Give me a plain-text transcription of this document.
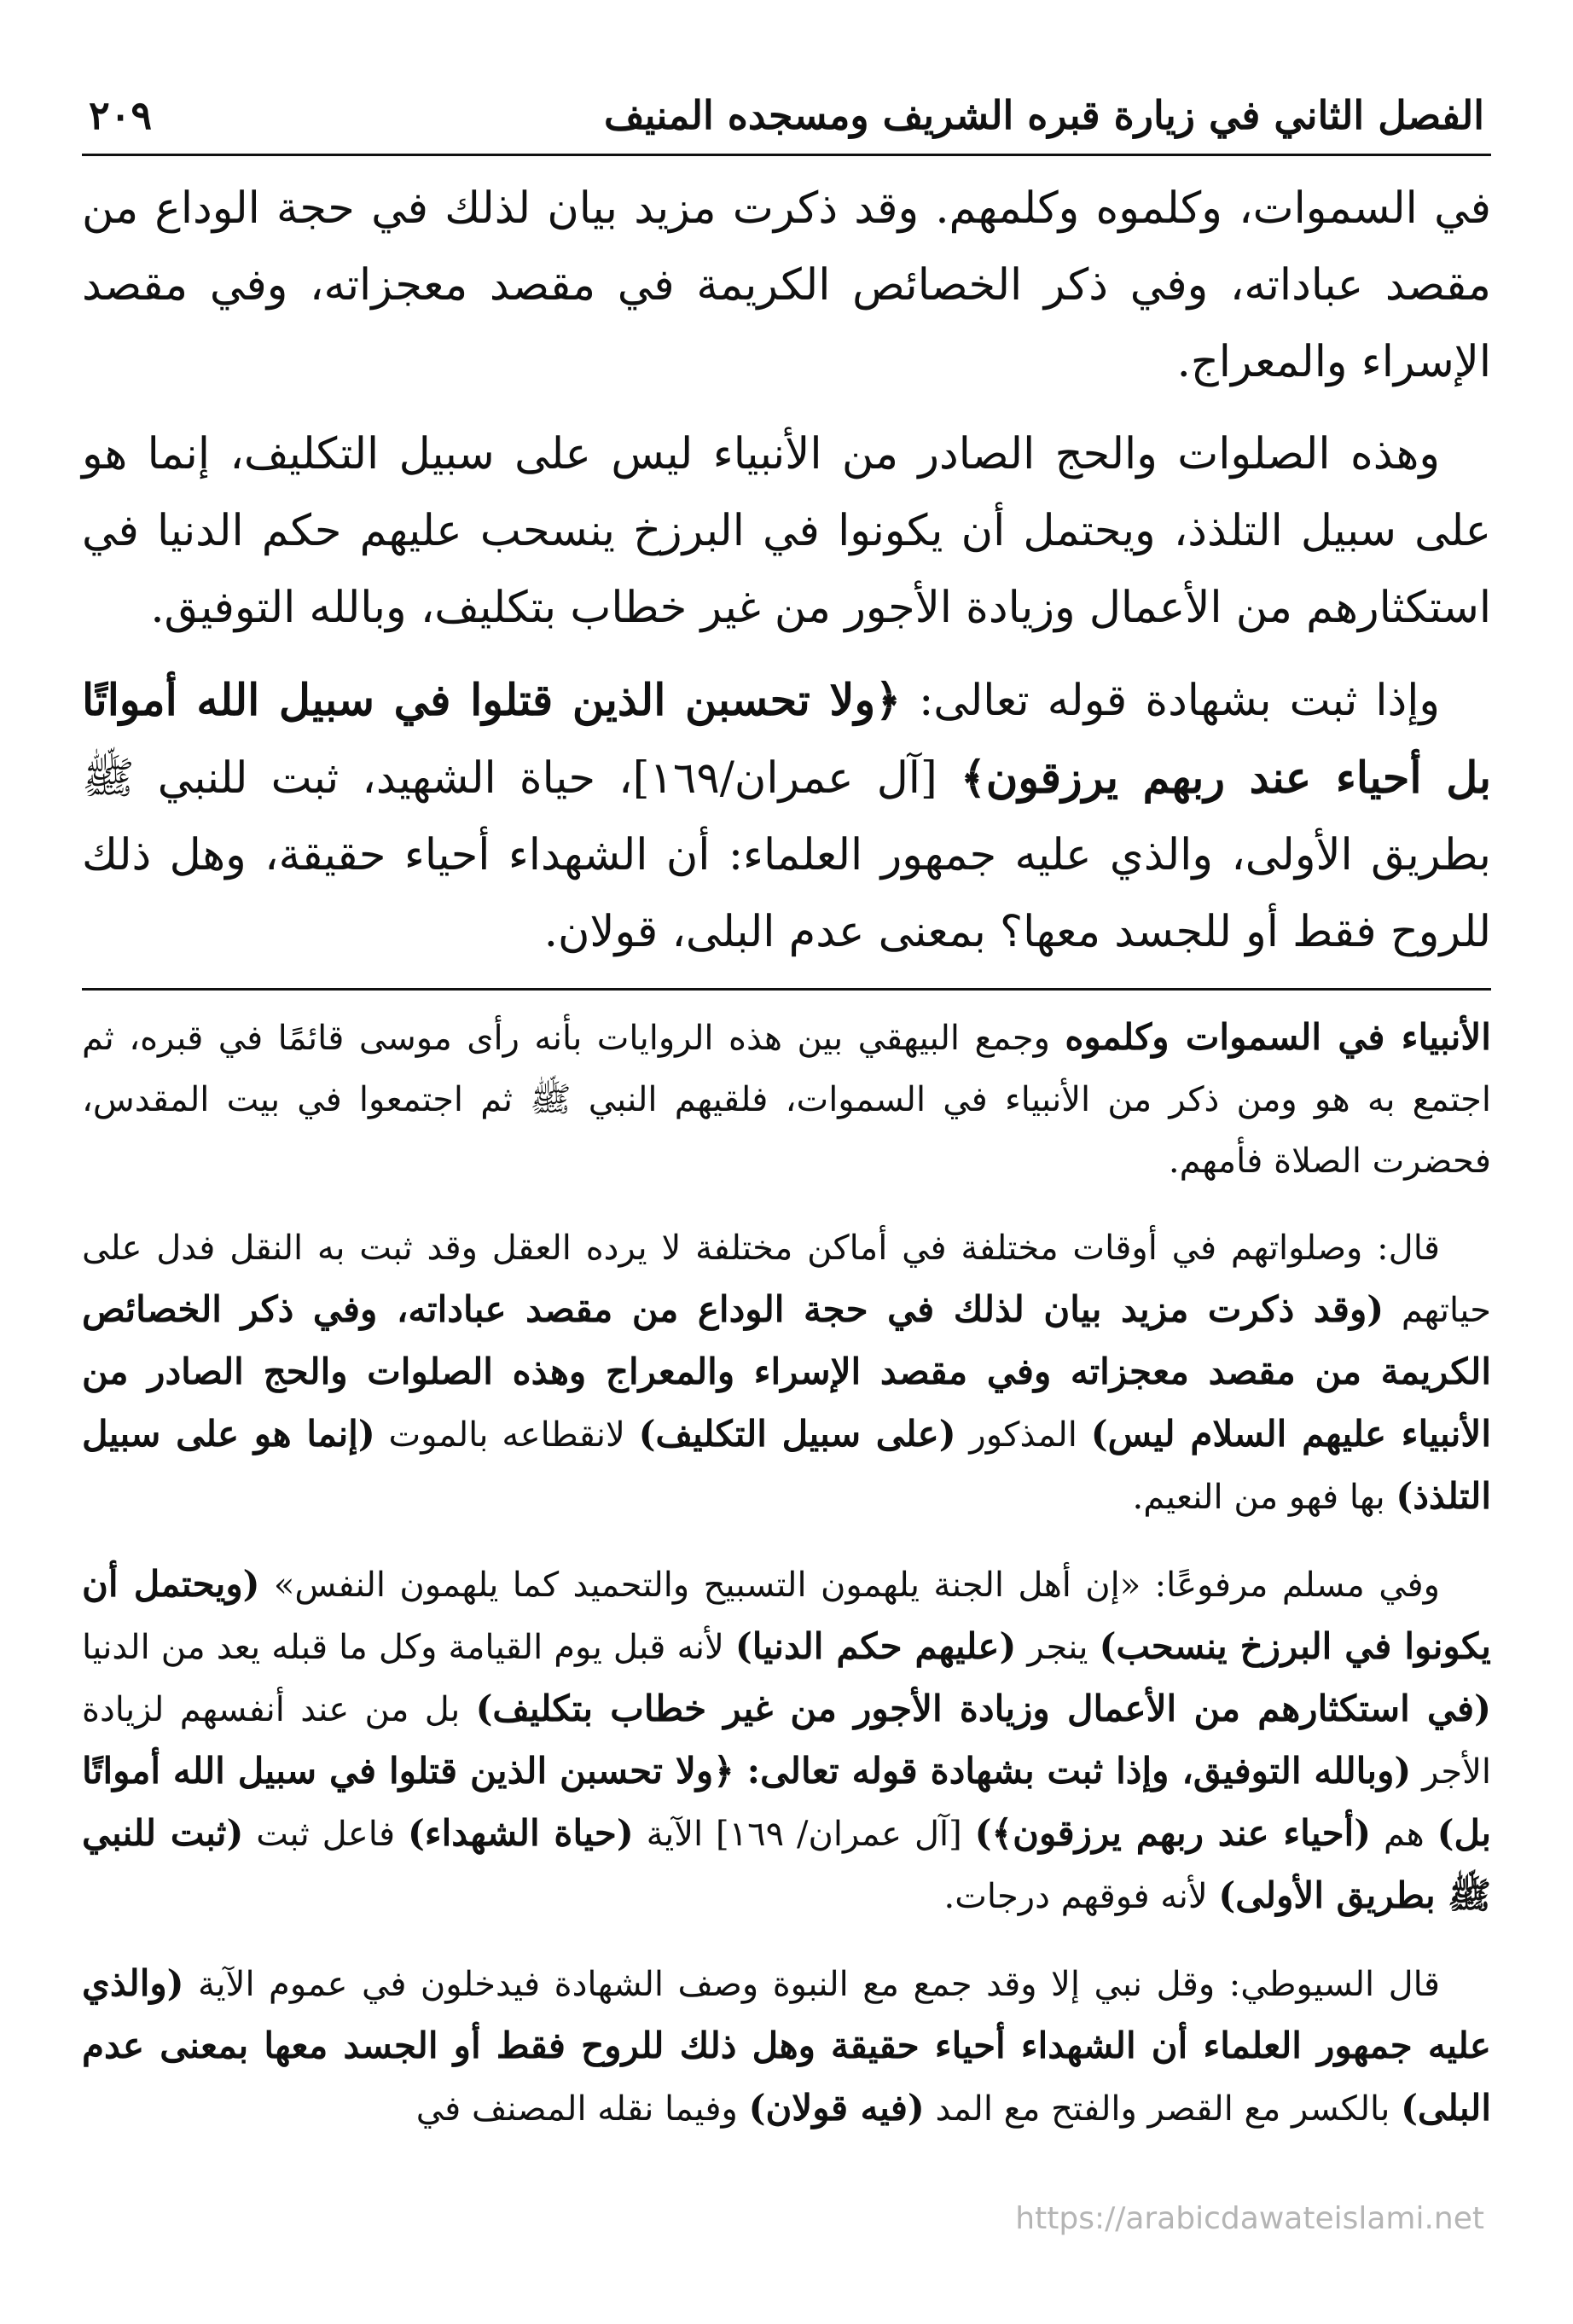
الفصل الثاني في زيارة قبره الشريف ومسجده المنيف
٢٠٩

في السموات، وكلموه وكلمهم. وقد ذكرت مزيد بيان لذلك في حجة الوداع من مقصد عباداته، وفي ذكر الخصائص الكريمة في مقصد معجزاته، وفي مقصد الإسراء والمعراج.

وهذه الصلوات والحج الصادر من الأنبياء ليس على سبيل التكليف، إنما هو على سبيل التلذذ، ويحتمل أن يكونوا في البرزخ ينسحب عليهم حكم الدنيا في استكثارهم من الأعمال وزيادة الأجور من غير خطاب بتكليف، وبالله التوفيق.

وإذا ثبت بشهادة قوله تعالى: ﴿ولا تحسبن الذين قتلوا في سبيل الله أمواتًا بل أحياء عند ربهم يرزقون﴾ [آل عمران/١٦٩]، حياة الشهيد، ثبت للنبي ﷺ بطريق الأولى، والذي عليه جمهور العلماء: أن الشهداء أحياء حقيقة، وهل ذلك للروح فقط أو للجسد معها؟ بمعنى عدم البلى، قولان.

الأنبياء في السموات وكلموه وجمع البيهقي بين هذه الروايات بأنه رأى موسى قائمًا في قبره، ثم اجتمع به هو ومن ذكر من الأنبياء في السموات، فلقيهم النبي ﷺ ثم اجتمعوا في بيت المقدس، فحضرت الصلاة فأمهم.

قال: وصلواتهم في أوقات مختلفة في أماكن مختلفة لا يرده العقل وقد ثبت به النقل فدل على حياتهم (وقد ذكرت مزيد بيان لذلك في حجة الوداع من مقصد عباداته، وفي ذكر الخصائص الكريمة من مقصد معجزاته وفي مقصد الإسراء والمعراج وهذه الصلوات والحج الصادر من الأنبياء عليهم السلام ليس) المذكور (على سبيل التكليف) لانقطاعه بالموت (إنما هو على سبيل التلذذ) بها فهو من النعيم.

وفي مسلم مرفوعًا: «إن أهل الجنة يلهمون التسبيح والتحميد كما يلهمون النفس» (ويحتمل أن يكونوا في البرزخ ينسحب) ينجر (عليهم حكم الدنيا) لأنه قبل يوم القيامة وكل ما قبله يعد من الدنيا (في استكثارهم من الأعمال وزيادة الأجور من غير خطاب بتكليف) بل من عند أنفسهم لزيادة الأجر (وبالله التوفيق، وإذا ثبت بشهادة قوله تعالى: ﴿ولا تحسبن الذين قتلوا في سبيل الله أمواتًا بل) هم (أحياء عند ربهم يرزقون﴾) [آل عمران/ ١٦٩] الآية (حياة الشهداء) فاعل ثبت (ثبت للنبي ﷺ بطريق الأولى) لأنه فوقهم درجات.

قال السيوطي: وقل نبي إلا وقد جمع مع النبوة وصف الشهادة فيدخلون في عموم الآية (والذي عليه جمهور العلماء أن الشهداء أحياء حقيقة وهل ذلك للروح فقط أو الجسد معها بمعنى عدم البلى) بالكسر مع القصر والفتح مع المد (فيه قولان) وفيما نقله المصنف في

https://arabicdawateislami.net
